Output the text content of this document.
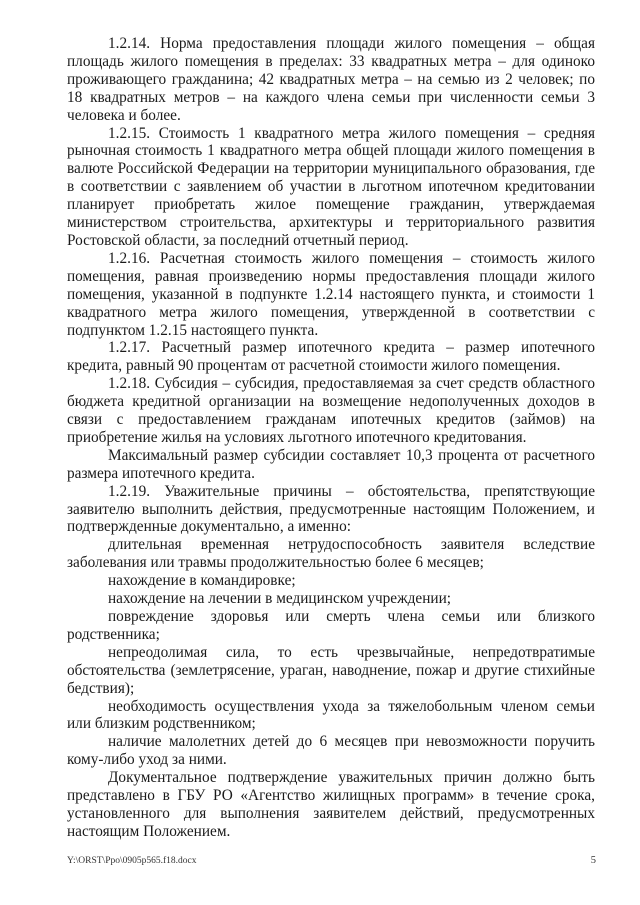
1.2.14. Норма предоставления площади жилого помещения – общая площадь жилого помещения в пределах: 33 квадратных метра – для одиноко проживающего гражданина; 42 квадратных метра – на семью из 2 человек; по 18 квадратных метров – на каждого члена семьи при численности семьи 3 человека и более.

1.2.15. Стоимость 1 квадратного метра жилого помещения – средняя рыночная стоимость 1 квадратного метра общей площади жилого помещения в валюте Российской Федерации на территории муниципального образования, где в соответствии с заявлением об участии в льготном ипотечном кредитовании планирует приобретать жилое помещение гражданин, утверждаемая министерством строительства, архитектуры и территориального развития Ростовской области, за последний отчетный период.

1.2.16. Расчетная стоимость жилого помещения – стоимость жилого помещения, равная произведению нормы предоставления площади жилого помещения, указанной в подпункте 1.2.14 настоящего пункта, и стоимости 1 квадратного метра жилого помещения, утвержденной в соответствии с подпунктом 1.2.15 настоящего пункта.

1.2.17. Расчетный размер ипотечного кредита – размер ипотечного кредита, равный 90 процентам от расчетной стоимости жилого помещения.

1.2.18. Субсидия – субсидия, предоставляемая за счет средств областного бюджета кредитной организации на возмещение недополученных доходов в связи с предоставлением гражданам ипотечных кредитов (займов) на приобретение жилья на условиях льготного ипотечного кредитования.

Максимальный размер субсидии составляет 10,3 процента от расчетного размера ипотечного кредита.

1.2.19. Уважительные причины – обстоятельства, препятствующие заявителю выполнить действия, предусмотренные настоящим Положением, и подтвержденные документально, а именно:

длительная временная нетрудоспособность заявителя вследствие заболевания или травмы продолжительностью более 6 месяцев;

нахождение в командировке;

нахождение на лечении в медицинском учреждении;

повреждение здоровья или смерть члена семьи или близкого родственника;

непреодолимая сила, то есть чрезвычайные, непредотвратимые обстоятельства (землетрясение, ураган, наводнение, пожар и другие стихийные бедствия);

необходимость осуществления ухода за тяжелобольным членом семьи или близким родственником;

наличие малолетних детей до 6 месяцев при невозможности поручить кому-либо уход за ними.

Документальное подтверждение уважительных причин должно быть представлено в ГБУ РО «Агентство жилищных программ» в течение срока, установленного для выполнения заявителем действий, предусмотренных настоящим Положением.

Y:\ORST\Ppo\0905p565.f18.docx	5
